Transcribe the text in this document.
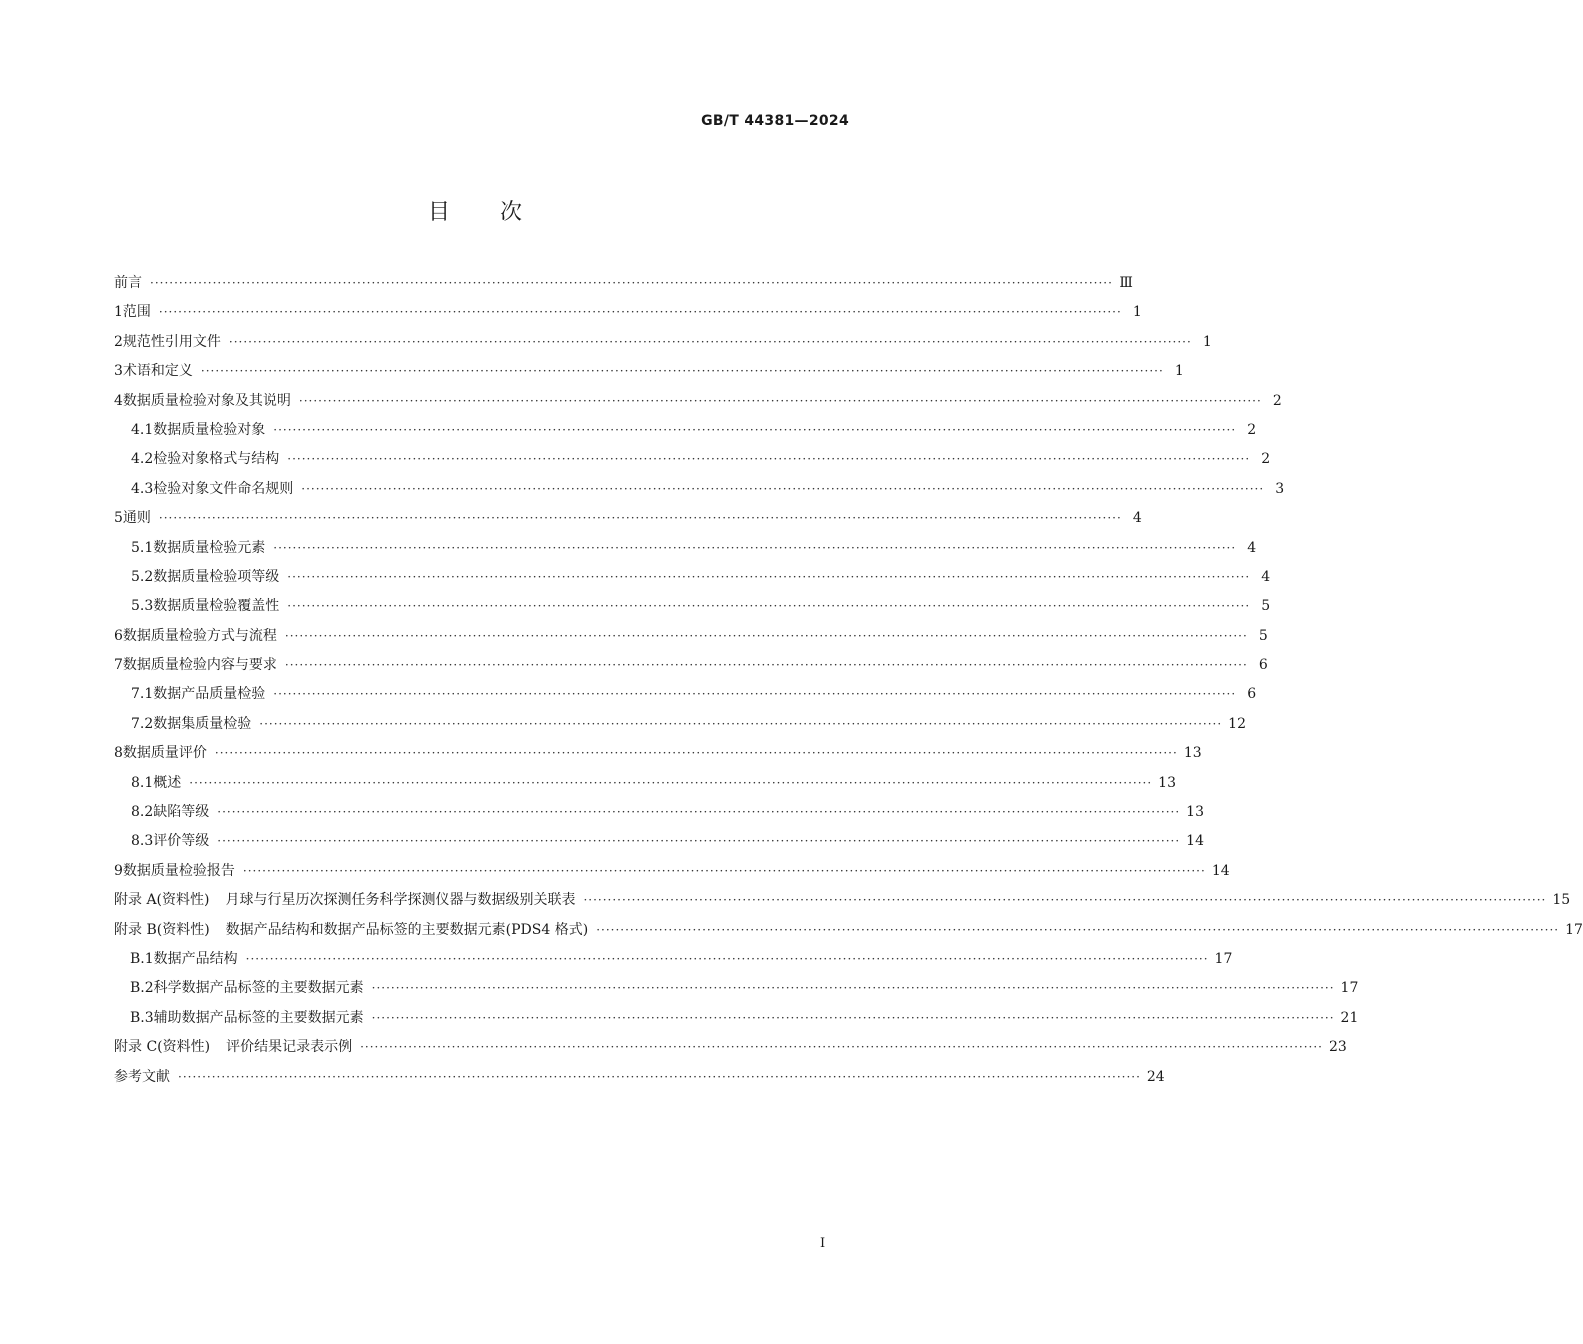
GB/T 44381—2024
目次
前言 ········································································································································································································ Ⅲ
1 范围 ········································································································································································································ 1
2 规范性引用文件 ········································································································································································································ 1
3 术语和定义 ········································································································································································································ 1
4 数据质量检验对象及其说明 ········································································································································································································ 2
4.1 数据质量检验对象 ········································································································································································································ 2
4.2 检验对象格式与结构 ········································································································································································································ 2
4.3 检验对象文件命名规则 ········································································································································································································ 3
5 通则 ········································································································································································································ 4
5.1 数据质量检验元素 ········································································································································································································ 4
5.2 数据质量检验项等级 ········································································································································································································ 4
5.3 数据质量检验覆盖性 ········································································································································································································ 5
6 数据质量检验方式与流程 ········································································································································································································ 5
7 数据质量检验内容与要求 ········································································································································································································ 6
7.1 数据产品质量检验 ········································································································································································································ 6
7.2 数据集质量检验 ········································································································································································································ 12
8 数据质量评价 ········································································································································································································ 13
8.1 概述 ········································································································································································································ 13
8.2 缺陷等级 ········································································································································································································ 13
8.3 评价等级 ········································································································································································································ 14
9 数据质量检验报告 ········································································································································································································ 14
附录 A(资料性) 月球与行星历次探测任务科学探测仪器与数据级别关联表 ········································································································································································································ 15
附录 B(资料性) 数据产品结构和数据产品标签的主要数据元素(PDS4 格式) ········································································································································································································ 17
B.1 数据产品结构 ········································································································································································································ 17
B.2 科学数据产品标签的主要数据元素 ········································································································································································································ 17
B.3 辅助数据产品标签的主要数据元素 ········································································································································································································ 21
附录 C(资料性) 评价结果记录表示例 ········································································································································································································ 23
参考文献 ········································································································································································································ 24
Ⅰ
